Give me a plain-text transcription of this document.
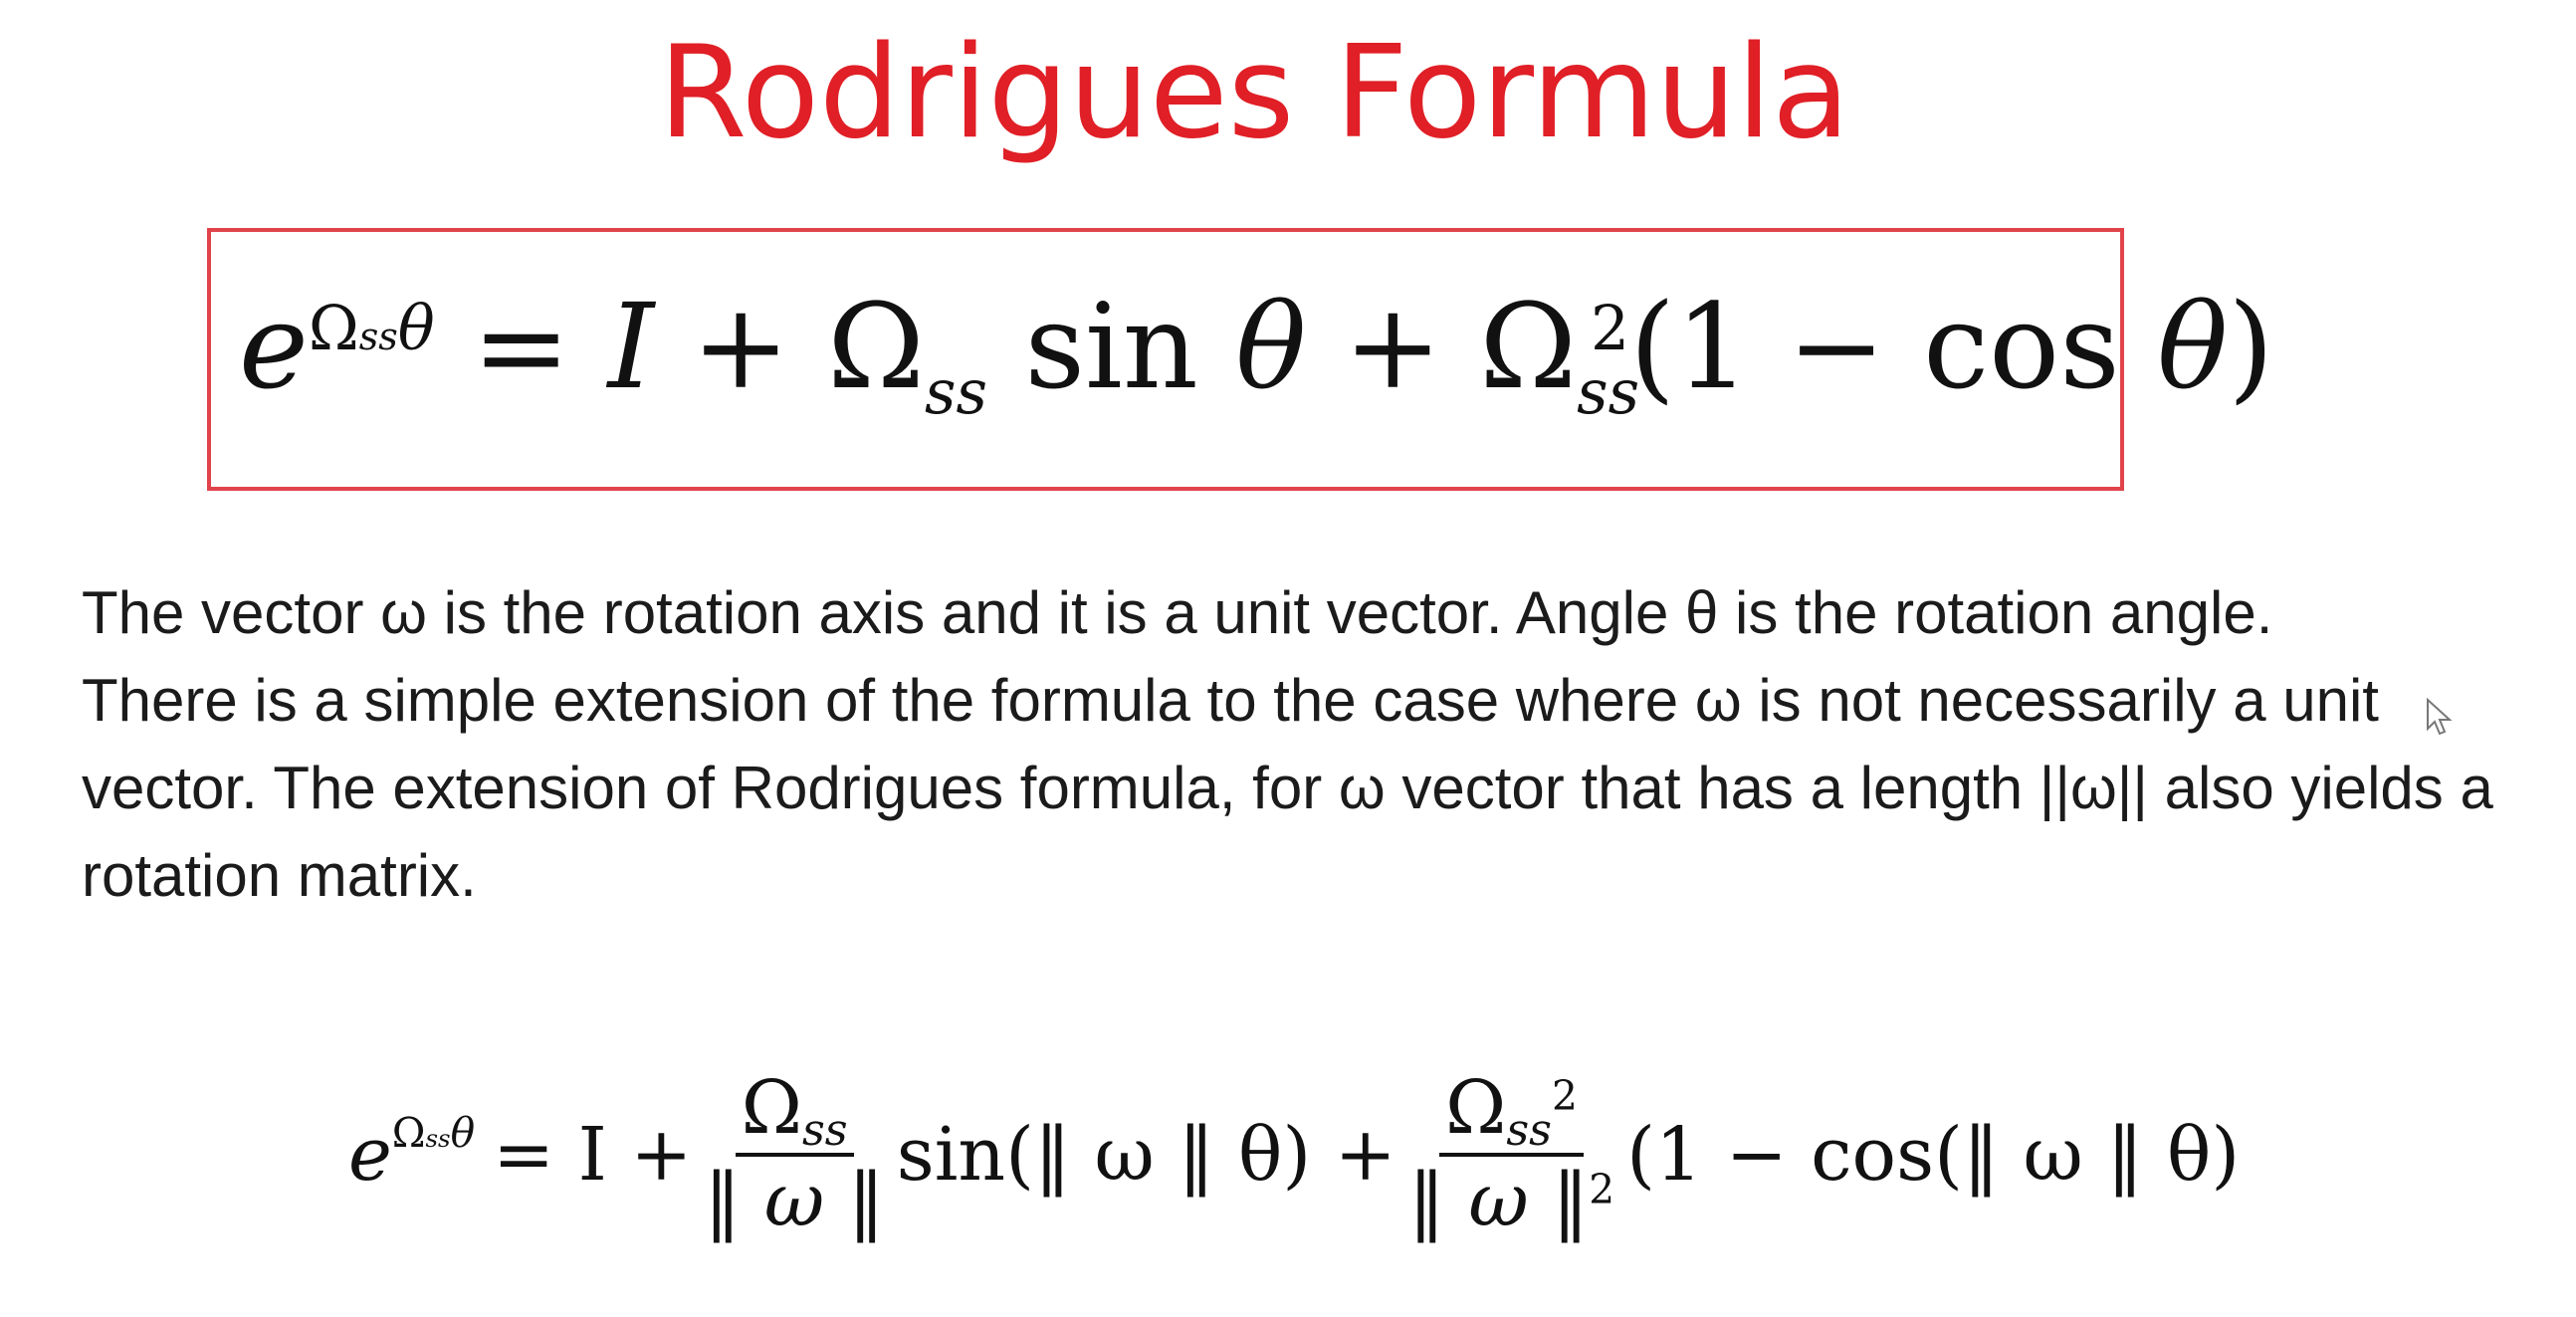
Rodrigues Formula
$e^{\Omega ss\theta} = I + \Omega_{ss}$ $\sin \theta + \Omega_{ss}^2(1 - \cos \theta)$

The vector ω is the rotation axis and it is a unit vector. Angle θ is the rotation angle.

There is a simple extension of the formula to the case where ω is not necessarily a unit vector. The extension of Rodrigues formula, for ω vector that has a length ||ω|| also yields a rotation matrix.

e $\Omega ss\theta = I + \frac{\text{Ωss}}{‖ \omega ‖}$ sin(‖ ω ‖ $\theta) + \frac{\Omega ss^2}{‖ \omega ‖^2} (1$ − cos(‖ ω ‖ θ)
